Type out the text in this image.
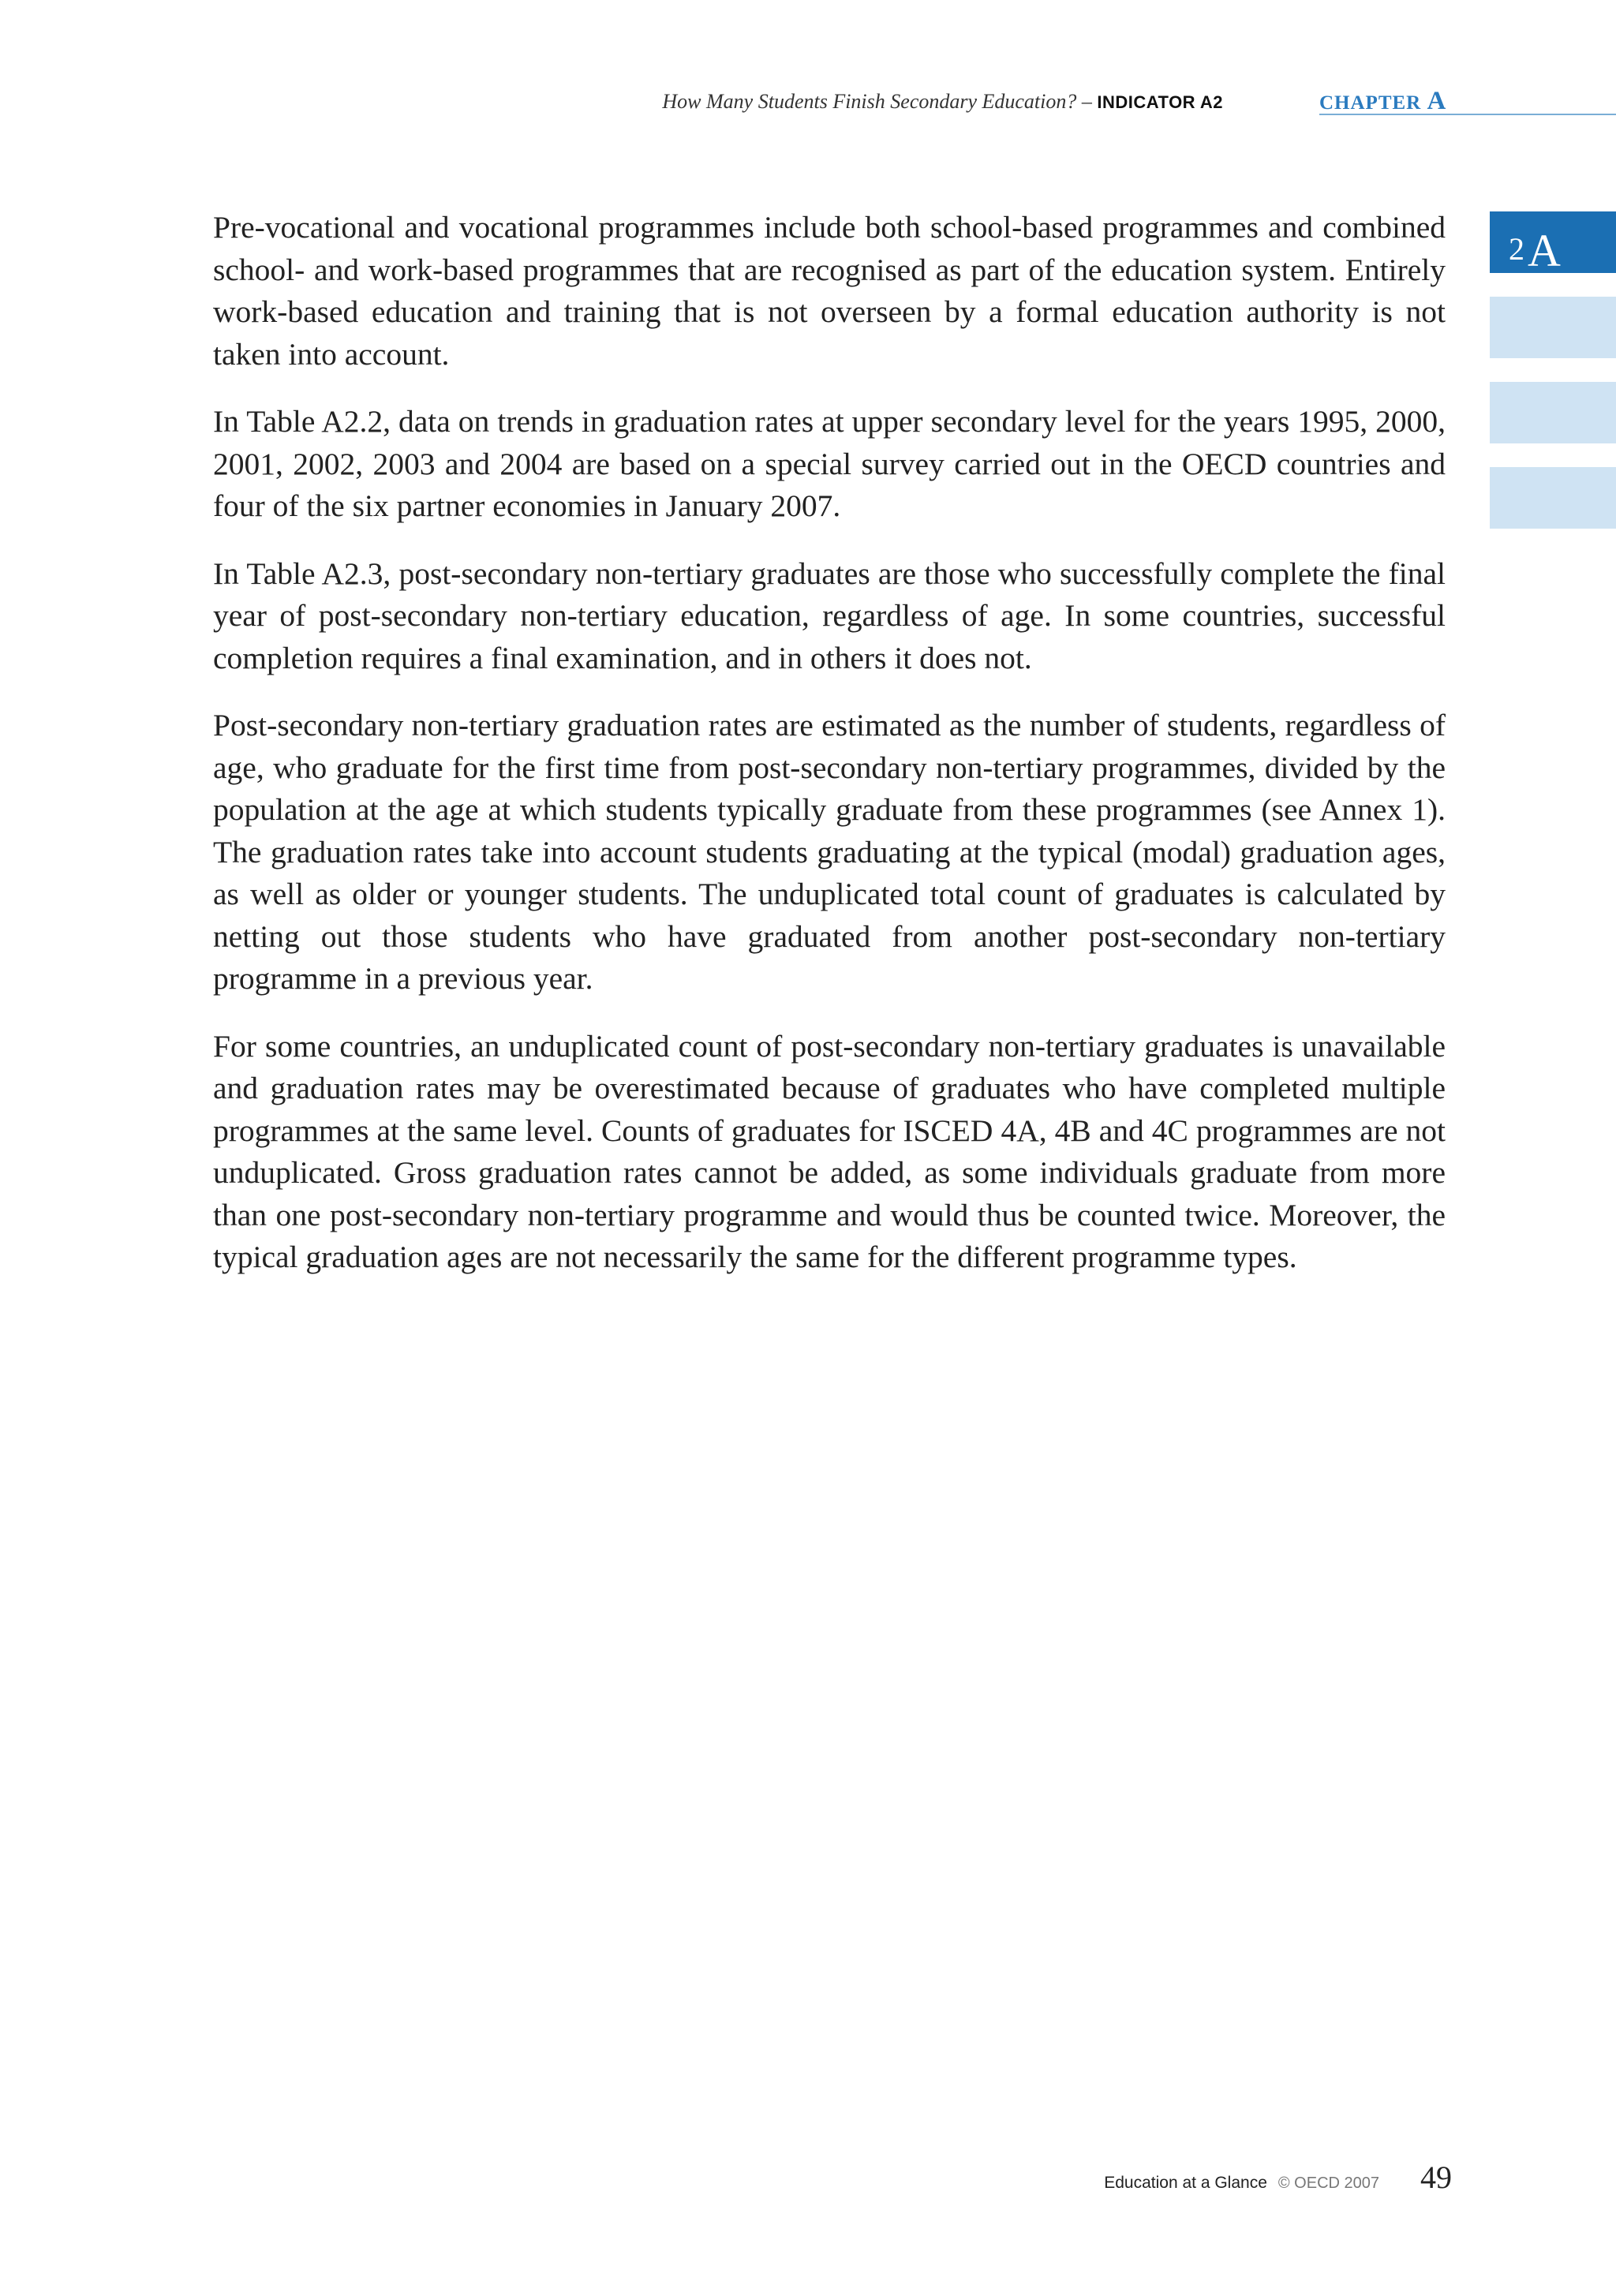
How Many Students Finish Secondary Education? – INDICATOR A2	CHAPTER A
A
2

Pre-vocational and vocational programmes include both school-based programmes and combined school- and work-based programmes that are recognised as part of the education system. Entirely work-based education and training that is not overseen by a formal education authority is not taken into account.

In Table A2.2, data on trends in graduation rates at upper secondary level for the years 1995, 2000, 2001, 2002, 2003 and 2004 are based on a special survey carried out in the OECD countries and four of the six partner economies in January 2007.

In Table A2.3, post-secondary non-tertiary graduates are those who successfully complete the final year of post-secondary non-tertiary education, regardless of age. In some countries, successful completion requires a final examination, and in others it does not.

Post-secondary non-tertiary graduation rates are estimated as the number of students, regardless of age, who graduate for the first time from post-secondary non-tertiary programmes, divided by the population at the age at which students typically graduate from these programmes (see Annex 1). The graduation rates take into account students graduating at the typical (modal) graduation ages, as well as older or younger students. The unduplicated total count of graduates is calculated by netting out those students who have graduated from another post-secondary non-tertiary programme in a previous year.

For some countries, an unduplicated count of post-secondary non-tertiary graduates is unavailable and graduation rates may be overestimated because of graduates who have completed multiple programmes at the same level. Counts of graduates for ISCED 4A, 4B and 4C programmes are not unduplicated. Gross graduation rates cannot be added, as some individuals graduate from more than one post-secondary non-tertiary programme and would thus be counted twice. Moreover, the typical graduation ages are not necessarily the same for the different programme types.

Education at a Glance © OECD 2007 49
